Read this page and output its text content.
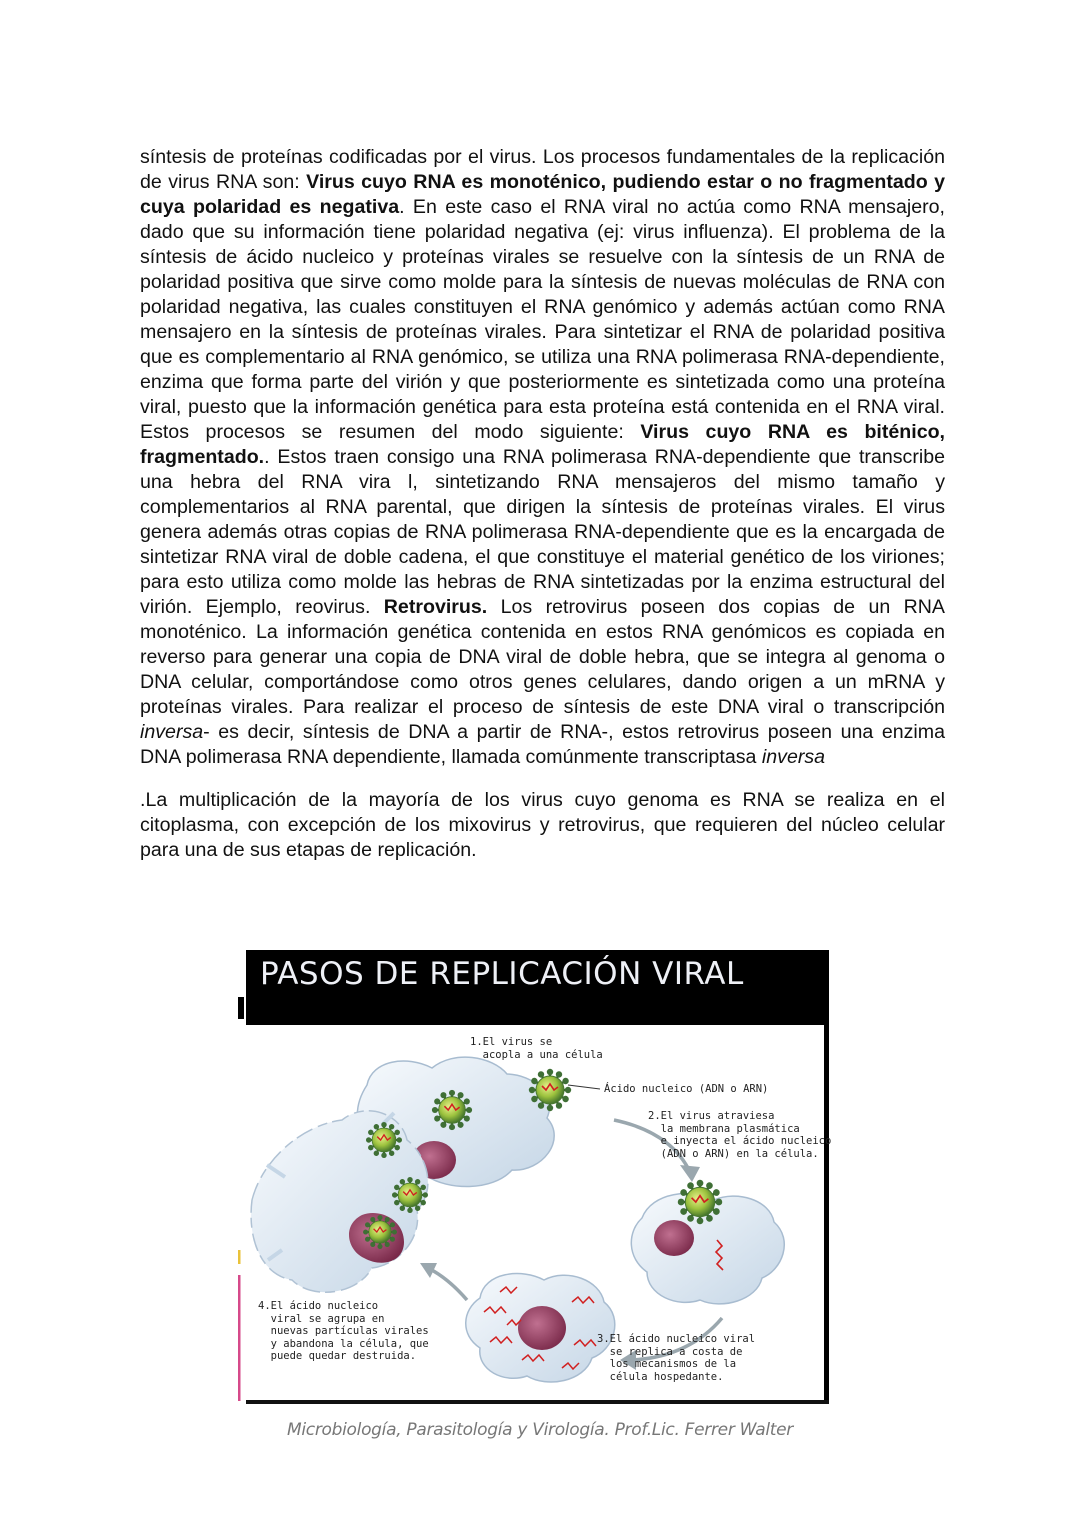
síntesis de proteínas codificadas por el virus. Los procesos fundamentales de la replicación de virus RNA son: Virus cuyo RNA es monoténico, pudiendo estar o no fragmentado y cuya polaridad es negativa. En este caso el RNA viral no actúa como RNA mensajero, dado que su información tiene polaridad negativa (ej: virus influenza). El problema de la síntesis de ácido nucleico y proteínas virales se resuelve con la síntesis de un RNA de polaridad positiva que sirve como molde para la síntesis de nuevas moléculas de RNA con polaridad negativa, las cuales constituyen el RNA genómico y además actúan como RNA mensajero en la síntesis de proteínas virales. Para sintetizar el RNA de polaridad positiva que es complementario al RNA genómico, se utiliza una RNA polimerasa RNA-dependiente, enzima que forma parte del virión y que posteriormente es sintetizada como una proteína viral, puesto que la información genética para esta proteína está contenida en el RNA viral. Estos procesos se resumen del modo siguiente: Virus cuyo RNA es biténico, fragmentado.. Estos traen consigo una RNA polimerasa RNA-dependiente que transcribe una hebra del RNA vira l, sintetizando RNA mensajeros del mismo tamaño y complementarios al RNA parental, que dirigen la síntesis de proteínas virales. El virus genera además otras copias de RNA polimerasa RNA-dependiente que es la encargada de sintetizar RNA viral de doble cadena, el que constituye el material genético de los viriones; para esto utiliza como molde las hebras de RNA sintetizadas por la enzima estructural del virión. Ejemplo, reovirus. Retrovirus. Los retrovirus poseen dos copias de un RNA monoténico. La información genética contenida en estos RNA genómicos es copiada en reverso para generar una copia de DNA viral de doble hebra, que se integra al genoma o DNA celular, comportándose como otros genes celulares, dando origen a un mRNA y proteínas virales. Para realizar el proceso de síntesis de este DNA viral o transcripción inversa- es decir, síntesis de DNA a partir de RNA-, estos retrovirus poseen una enzima DNA polimerasa RNA dependiente, llamada comúnmente transcriptasa inversa

.La multiplicación de la mayoría de los virus cuyo genoma es RNA se realiza en el citoplasma, con excepción de los mixovirus y retrovirus, que requieren del núcleo celular para una de sus etapas de replicación.

PASOS DE REPLICACIÓN VIRAL
1.El virus se
acopla a una célula
Ácido nucleico (ADN o ARN)
2.El virus atraviesa
la membrana plasmática
e inyecta el ácido nucleico
(ADN o ARN) en la célula.
3.El ácido nucleico viral
se replica a costa de
los mecanismos de la
célula hospedante.
4.El ácido nucleico
viral se agrupa en
nuevas partículas virales
y abandona la célula, que
puede quedar destruida.
Microbiología, Parasitología y Virología. Prof.Lic. Ferrer Walter
